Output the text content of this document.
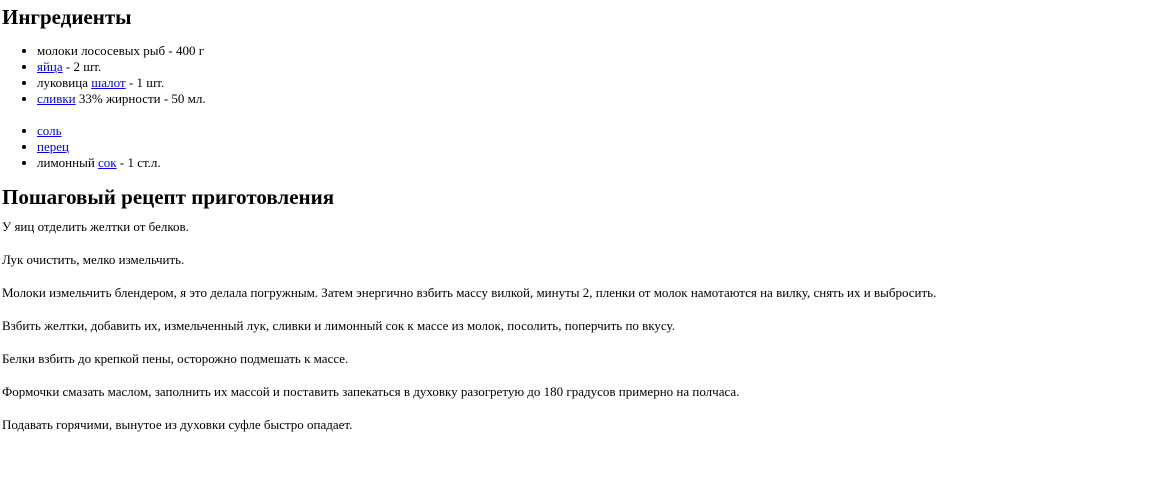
Ингредиенты
• молоки лососевых рыб - 400 г
• яйца - 2 шт.
• луковица шалот - 1 шт.
• сливки 33% жирности - 50 мл.
• соль
• перец
• лимонный сок - 1 ст.л.
Пошаговый рецепт приготовления

У яиц отделить желтки от белков.

Лук очистить, мелко измельчить.

Молоки измельчить блендером, я это делала погружным. Затем энергично взбить массу вилкой, минуты 2, пленки от молок намотаются на вилку, снять их и выбросить.

Взбить желтки, добавить их, измельченный лук, сливки и лимонный сок к массе из молок, посолить, поперчить по вкусу.

Белки взбить до крепкой пены, осторожно подмешать к массе.

Формочки смазать маслом, заполнить их массой и поставить запекаться в духовку разогретую до 180 градусов примерно на полчаса.

Подавать горячими, вынутое из духовки суфле быстро опадает.
